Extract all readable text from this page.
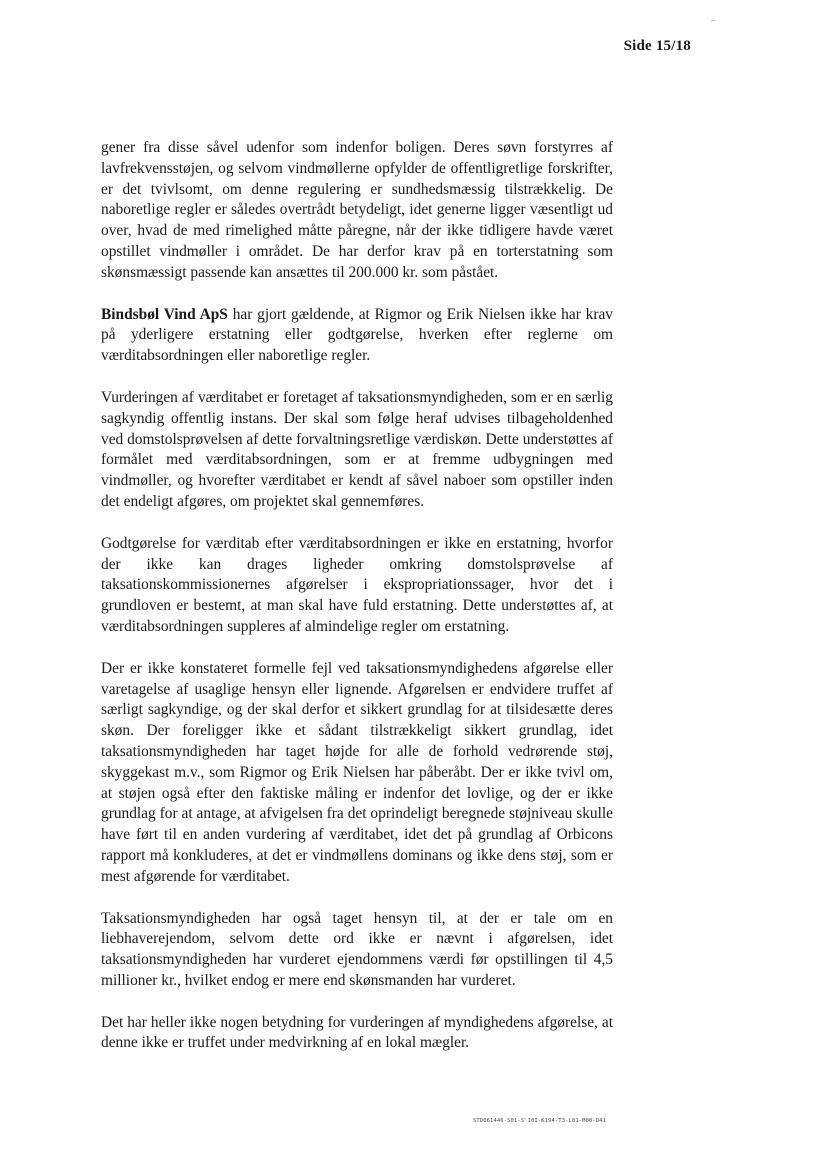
Side 15/18

gener fra disse såvel udenfor som indenfor boligen. Deres søvn forstyrres af lavfrekvensstøjen, og selvom vindmøllerne opfylder de offentligretlige forskrifter, er det tvivlsomt, om denne regulering er sundhedsmæssig tilstrækkelig. De naboretlige regler er således overtrådt betydeligt, idet generne ligger væsentligt ud over, hvad de med rimelighed måtte påregne, når der ikke tidligere havde været opstillet vindmøller i området. De har derfor krav på en torterstatning som skønsmæssigt passende kan ansættes til 200.000 kr. som påstået.

Bindsbøl Vind ApS har gjort gældende, at Rigmor og Erik Nielsen ikke har krav på yderligere erstatning eller godtgørelse, hverken efter reglerne om værditabsordningen eller naboretlige regler.

Vurderingen af værditabet er foretaget af taksationsmyndigheden, som er en særlig sagkyndig offentlig instans. Der skal som følge heraf udvises tilbageholdenhed ved domstolsprøvelsen af dette forvaltningsretlige værdiskøn. Dette understøttes af formålet med værditabsordningen, som er at fremme udbygningen med vindmøller, og hvorefter værditabet er kendt af såvel naboer som opstiller inden det endeligt afgøres, om projektet skal gennemføres.

Godtgørelse for værditab efter værditabsordningen er ikke en erstatning, hvorfor der ikke kan drages ligheder omkring domstolsprøvelse af taksationskommissionernes afgørelser i ekspropriationssager, hvor det i grundloven er bestemt, at man skal have fuld erstatning. Dette understøttes af, at værditabsordningen suppleres af almindelige regler om erstatning.

Der er ikke konstateret formelle fejl ved taksationsmyndighedens afgørelse eller varetagelse af usaglige hensyn eller lignende. Afgørelsen er endvidere truffet af særligt sagkyndige, og der skal derfor et sikkert grundlag for at tilsidesætte deres skøn. Der foreligger ikke et sådant tilstrækkeligt sikkert grundlag, idet taksationsmyndigheden har taget højde for alle de forhold vedrørende støj, skyggekast m.v., som Rigmor og Erik Nielsen har påberåbt. Der er ikke tvivl om, at støjen også efter den faktiske måling er indenfor det lovlige, og der er ikke grundlag for at antage, at afvigelsen fra det oprindeligt beregnede støjniveau skulle have ført til en anden vurdering af værditabet, idet det på grundlag af Orbicons rapport må konkluderes, at det er vindmøllens dominans og ikke dens støj, som er mest afgørende for værditabet.

Taksationsmyndigheden har også taget hensyn til, at der er tale om en liebhaverejendom, selvom dette ord ikke er nævnt i afgørelsen, idet taksationsmyndigheden har vurderet ejendommens værdi før opstillingen til 4,5 millioner kr., hvilket endog er mere end skønsmanden har vurderet.

Det har heller ikke nogen betydning for vurderingen af myndighedens afgørelse, at denne ikke er truffet under medvirkning af en lokal mægler.

STD061446-S01-S'I0I-K194-T3-L01-M00-D41
